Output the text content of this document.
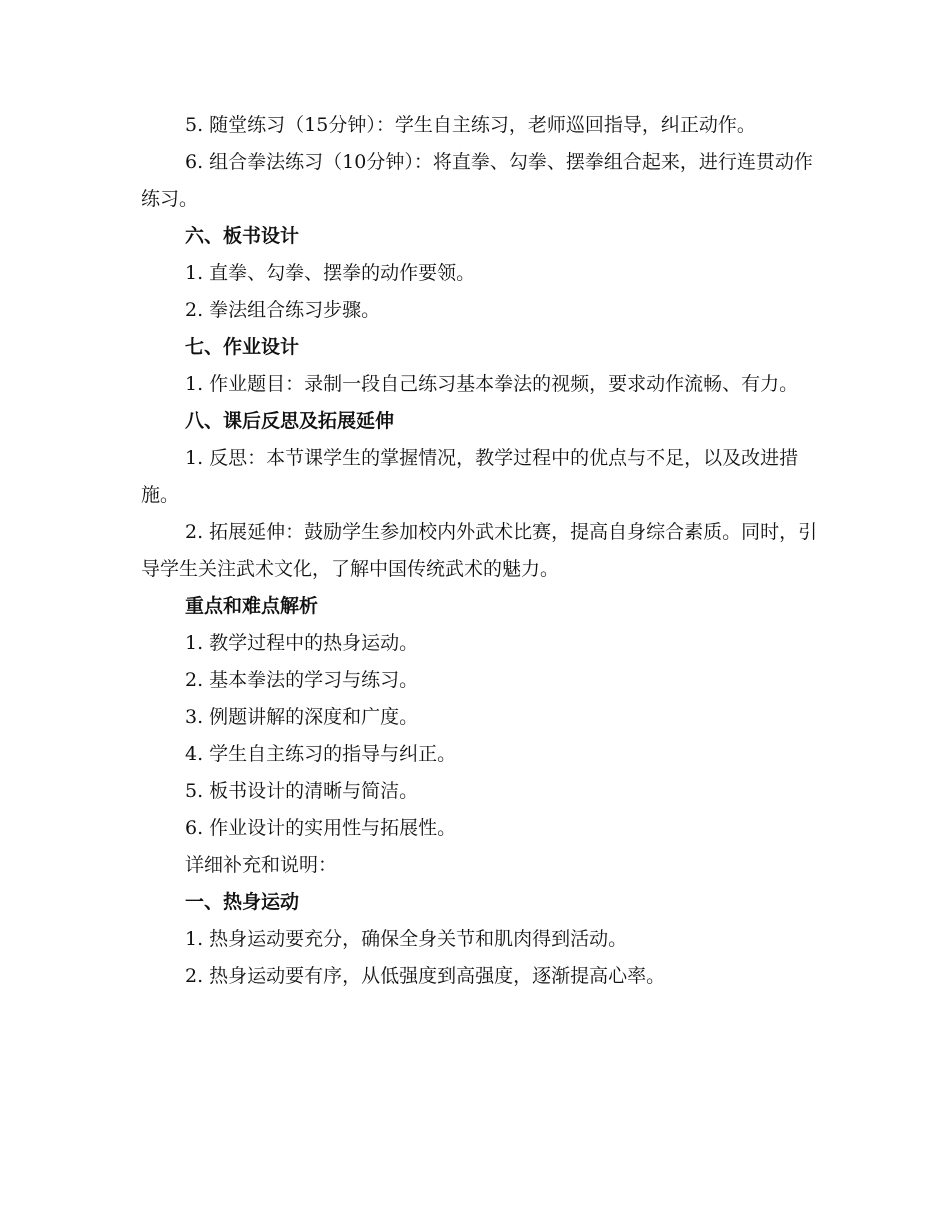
5. 随堂练习（15分钟）：学生自主练习，老师巡回指导，纠正动作。

6. 组合拳法练习（10分钟）：将直拳、勾拳、摆拳组合起来，进行连贯动作练习。

六、板书设计

1. 直拳、勾拳、摆拳的动作要领。

2. 拳法组合练习步骤。

七、作业设计

1. 作业题目：录制一段自己练习基本拳法的视频，要求动作流畅、有力。

八、课后反思及拓展延伸

1. 反思：本节课学生的掌握情况，教学过程中的优点与不足，以及改进措施。

2. 拓展延伸：鼓励学生参加校内外武术比赛，提高自身综合素质。同时，引导学生关注武术文化，了解中国传统武术的魅力。

重点和难点解析

1. 教学过程中的热身运动。

2. 基本拳法的学习与练习。

3. 例题讲解的深度和广度。

4. 学生自主练习的指导与纠正。

5. 板书设计的清晰与简洁。

6. 作业设计的实用性与拓展性。

详细补充和说明：

一、热身运动

1. 热身运动要充分，确保全身关节和肌肉得到活动。

2. 热身运动要有序，从低强度到高强度，逐渐提高心率。
